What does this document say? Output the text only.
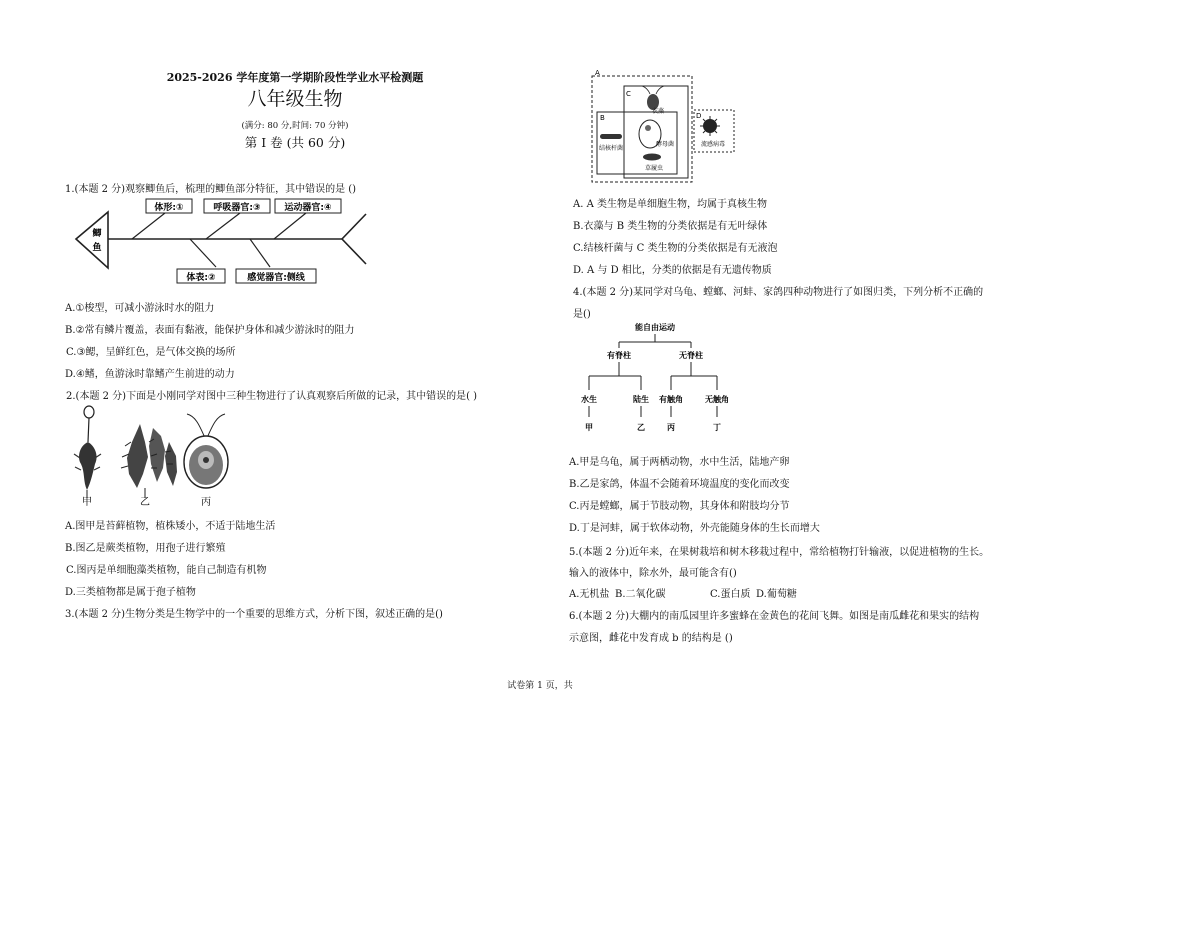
2025-2026 学年度第一学期阶段性学业水平检测题
八年级生物
(满分: 80 分,时间: 70 分钟)
第 I 卷 (共 60 分)
1.(本题 2 分)观察鲫鱼后，梳理的鲫鱼部分特征，其中错误的是 ()
鲫
鱼
体形:①	呼吸器官:③	运动器官:④
体表:②	感觉器官:侧线
A.①梭型，可减小游泳时水的阻力
B.②常有鳞片覆盖，表面有黏液，能保护身体和减少游泳时的阻力
C.③鳃，呈鲜红色，是气体交换的场所
D.④鳍，鱼游泳时靠鳍产生前进的动力
2.(本题 2 分)下面是小刚同学对图中三种生物进行了认真观察后所做的记录，其中错误的是( )
甲	乙	丙
A.图甲是苔藓植物，植株矮小，不适于陆地生活
B.图乙是蕨类植物，用孢子进行繁殖
C.图丙是单细胞藻类植物，能自己制造有机物
D.三类植物都是属于孢子植物
3.(本题 2 分)生物分类是生物学中的一个重要的思维方式，分析下图，叙述正确的是()
A
B
C
D
衣藻
结核杆菌
酵母菌
草履虫
流感病毒
A. A 类生物是单细胞生物，均属于真核生物
B.衣藻与 B 类生物的分类依据是有无叶绿体
C.结核杆菌与 C 类生物的分类依据是有无液泡
D. A 与 D 相比，分类的依据是有无遗传物质
4.(本题 2 分)某同学对乌龟、螳螂、河蚌、家鸽四种动物进行了如图归类，下列分析不正确的
是()
能自由运动
有脊柱	无脊柱
水生	陆生 有触角	无触角
甲	乙	丙	丁
A.甲是乌龟，属于两栖动物，水中生活，陆地产卵
B.乙是家鸽，体温不会随着环境温度的变化而改变
C.丙是螳螂，属于节肢动物，其身体和附肢均分节
D.丁是河蚌，属于软体动物，外壳能随身体的生长而增大
5.(本题 2 分)近年来，在果树栽培和树木移栽过程中，常给植物打针输液，以促进植物的生长。
输入的液体中，除水外，最可能含有()
A.无机盐 B.二氧化碳	C.蛋白质 D.葡萄糖
6.(本题 2 分)大棚内的南瓜园里许多蜜蜂在金黄色的花间飞舞。如图是南瓜雌花和果实的结构
示意图，雌花中发育成 b 的结构是 ()
试卷第 1 页，共
